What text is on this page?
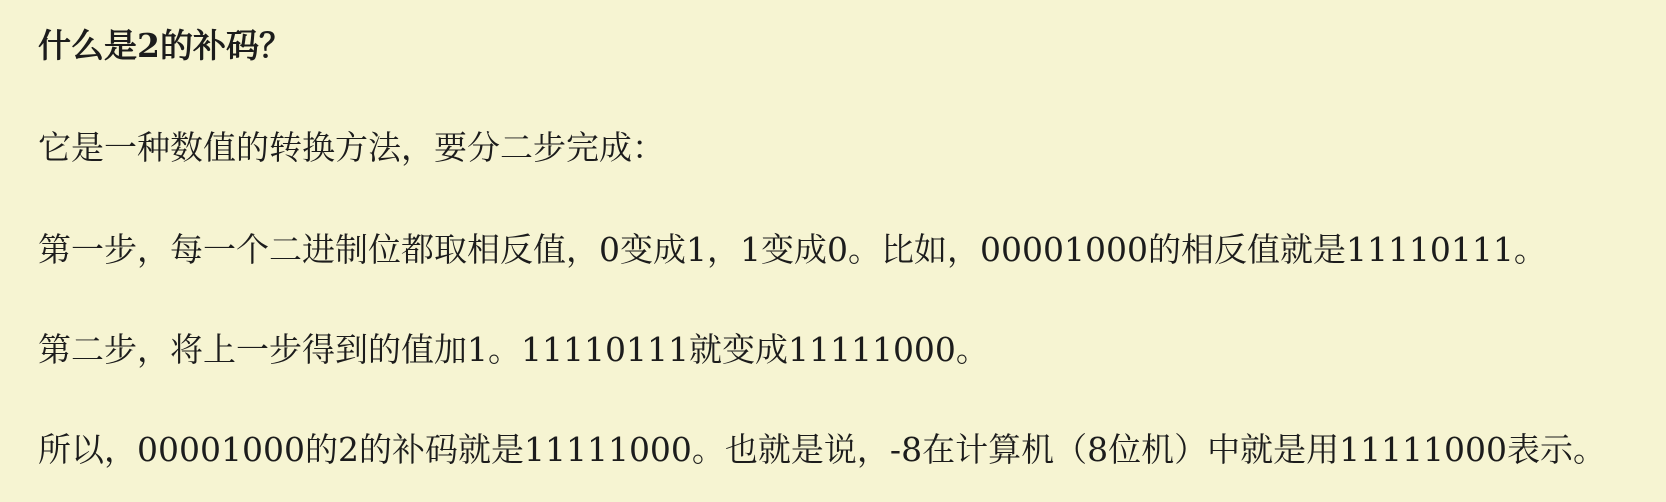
什么是2的补码？

它是一种数值的转换方法，要分二步完成：

第一步，每一个二进制位都取相反值，0变成1，1变成0。比如，00001000的相反值就是11110111。

第二步，将上一步得到的值加1。11110111就变成11111000。

所以，00001000的2的补码就是11111000。也就是说，-8在计算机（8位机）中就是用11111000表示。
